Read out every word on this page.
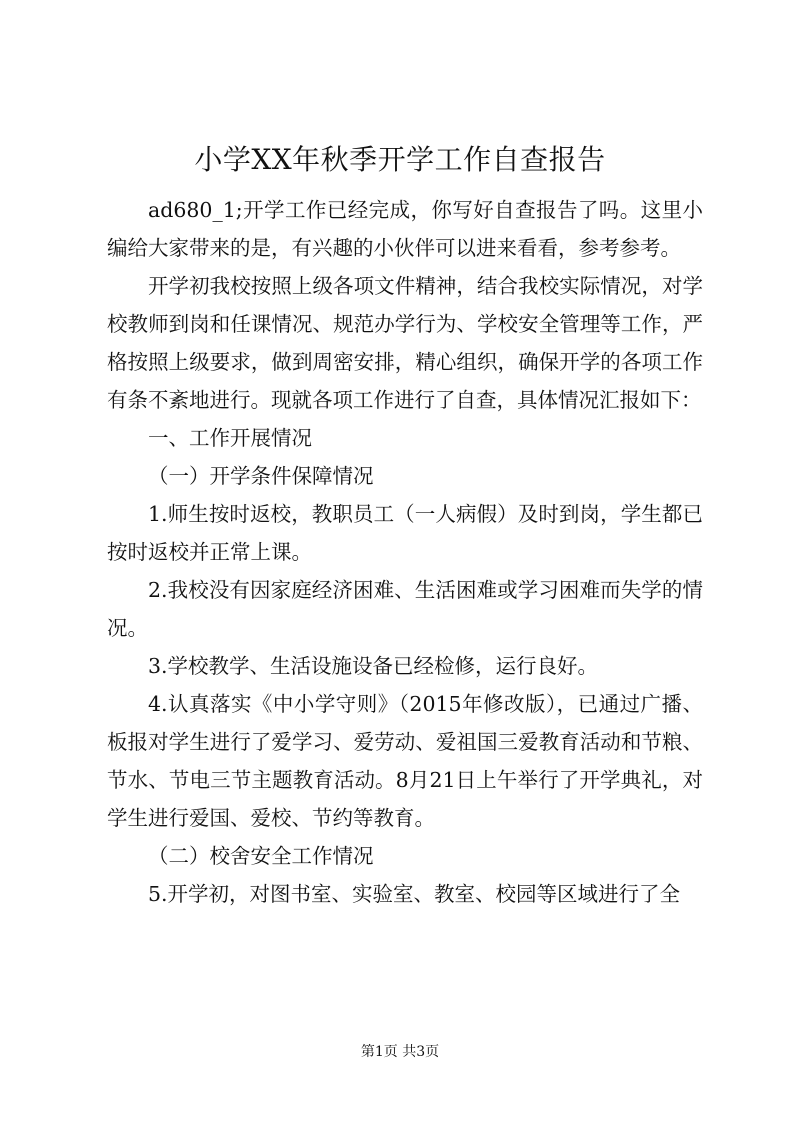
小学XX年秋季开学工作自查报告

ad680_1;开学工作已经完成，你写好自查报告了吗。这里小编给大家带来的是，有兴趣的小伙伴可以进来看看，参考参考。

开学初我校按照上级各项文件精神，结合我校实际情况，对学校教师到岗和任课情况、规范办学行为、学校安全管理等工作，严格按照上级要求，做到周密安排，精心组织，确保开学的各项工作有条不紊地进行。现就各项工作进行了自查，具体情况汇报如下：

一、工作开展情况

（一）开学条件保障情况

1.师生按时返校，教职员工（一人病假）及时到岗，学生都已按时返校并正常上课。

2.我校没有因家庭经济困难、生活困难或学习困难而失学的情况。

3.学校教学、生活设施设备已经检修，运行良好。

4.认真落实《中小学守则》（2015年修改版），已通过广播、板报对学生进行了爱学习、爱劳动、爱祖国三爱教育活动和节粮、节水、节电三节主题教育活动。8月21日上午举行了开学典礼，对学生进行爱国、爱校、节约等教育。

（二）校舍安全工作情况

5.开学初，对图书室、实验室、教室、校园等区域进行了全

第1页 共3页
